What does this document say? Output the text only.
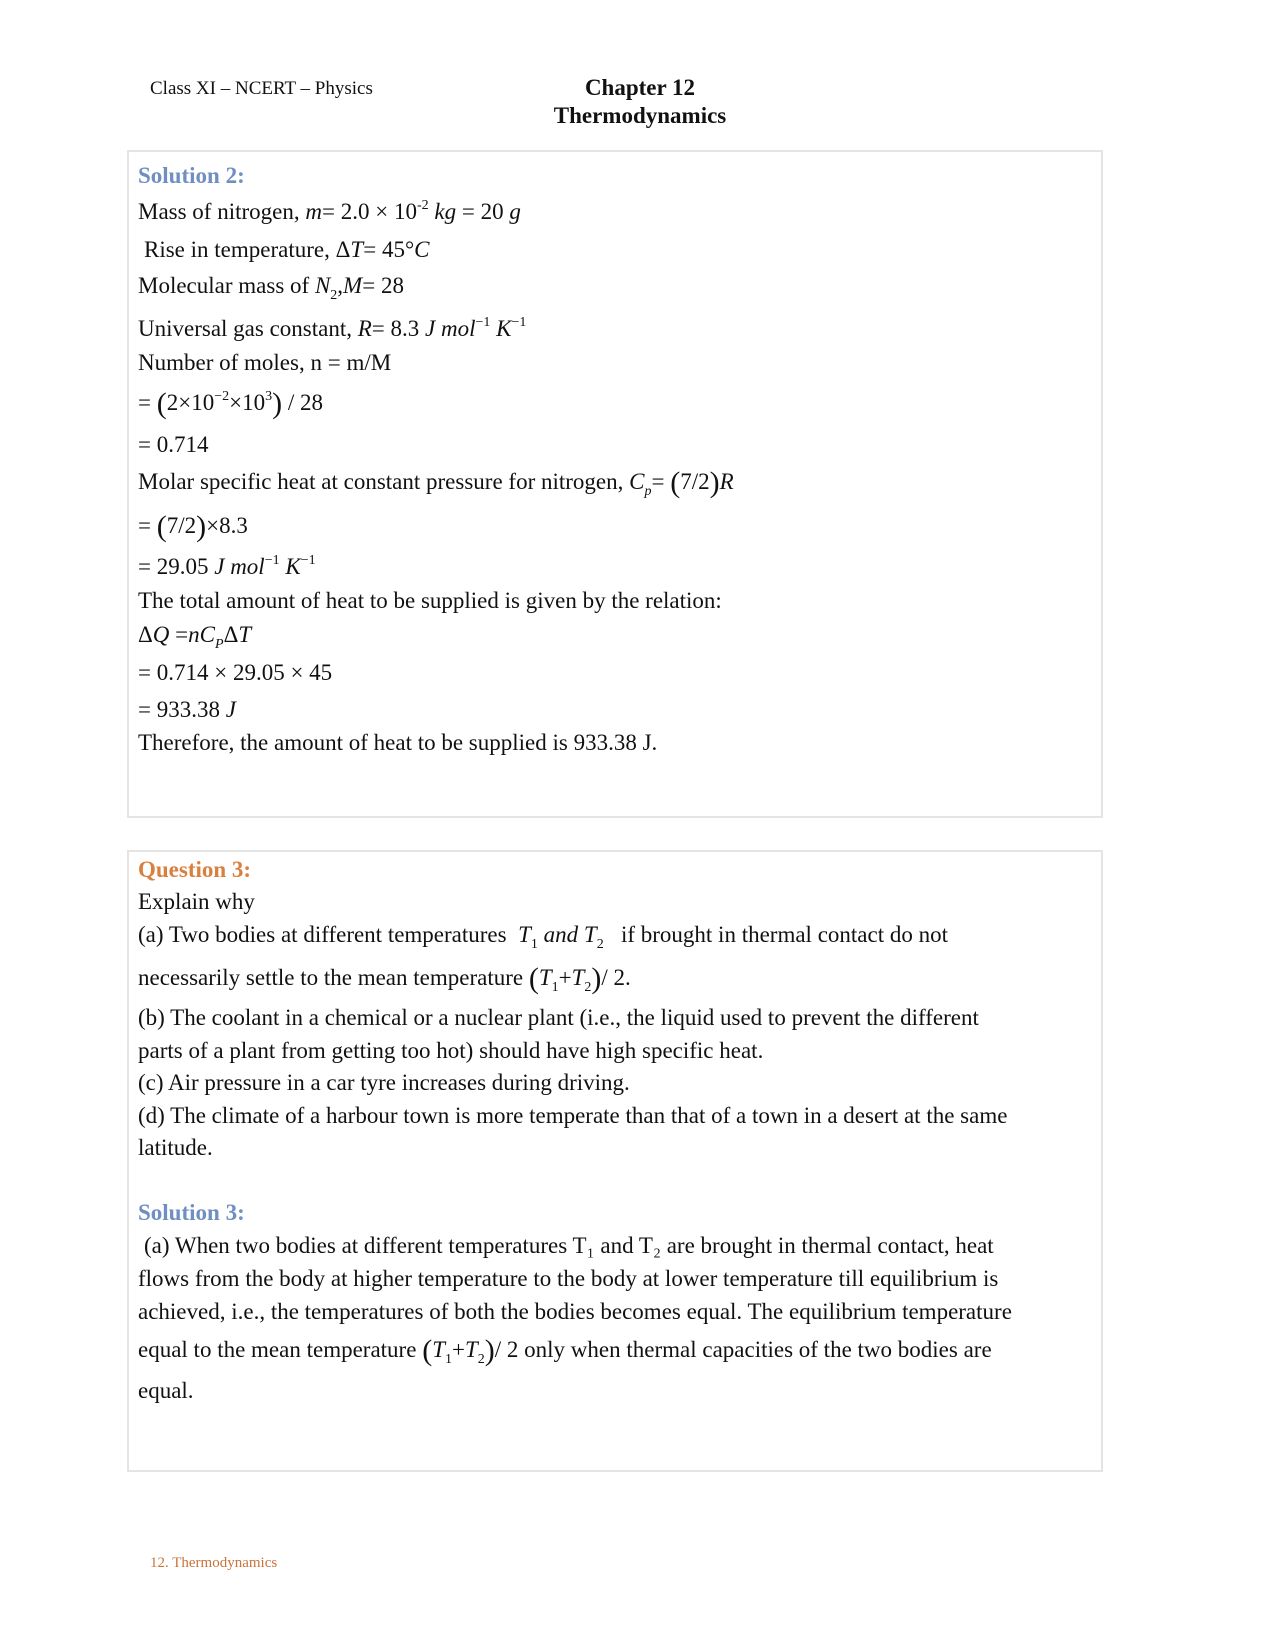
Class XI – NCERT – Physics	Chapter 12
Thermodynamics
Solution 2:
Mass of nitrogen, $m= 2.0 \times 10^{-2}$ kg = 20 g
Rise in temperature, ΔT= 45°C
Molecular mass of $N_2,M= 28$
Universal gas constant, R= 8.3 J mol$^{-1}$ $K^{-1}$
Number of moles, n = m/M
= $(2\times 10^{-2}\times 10^3) / 28$
= 0.714
Molar specific heat at constant pressure for nitrogen, $C_p= (7/2)R$
= (7/2)×8.3
= 29.05 J mol$^{-1}$ $K^{-1}$
The total amount of heat to be supplied is given by the relation:
$\Delta Q =nC_P\Delta T$
= 0.714 × 29.05 × 45
= 933.38 J
Therefore, the amount of heat to be supplied is 933.38 J.
Question 3:
Explain why
(a) Two bodies at different temperatures $T_1$ and $T_2$ if brought in thermal contact do not
necessarily settle to the mean temperature $(T_1+T_2)/$ 2.
(b) The coolant in a chemical or a nuclear plant (i.e., the liquid used to prevent the different
parts of a plant from getting too hot) should have high specific heat.
(c) Air pressure in a car tyre increases during driving.
(d) The climate of a harbour town is more temperate than that of a town in a desert at the same
latitude.
Solution 3:
(a) When two bodies at different temperatures T₁ and T₂ are brought in thermal contact, heat
flows from the body at higher temperature to the body at lower temperature till equilibrium is
achieved, i.e., the temperatures of both the bodies becomes equal. The equilibrium temperature
equal to the mean temperature $(T_1+T_2)/$ 2 only when thermal capacities of the two bodies are
equal.
12. Thermodynamics
